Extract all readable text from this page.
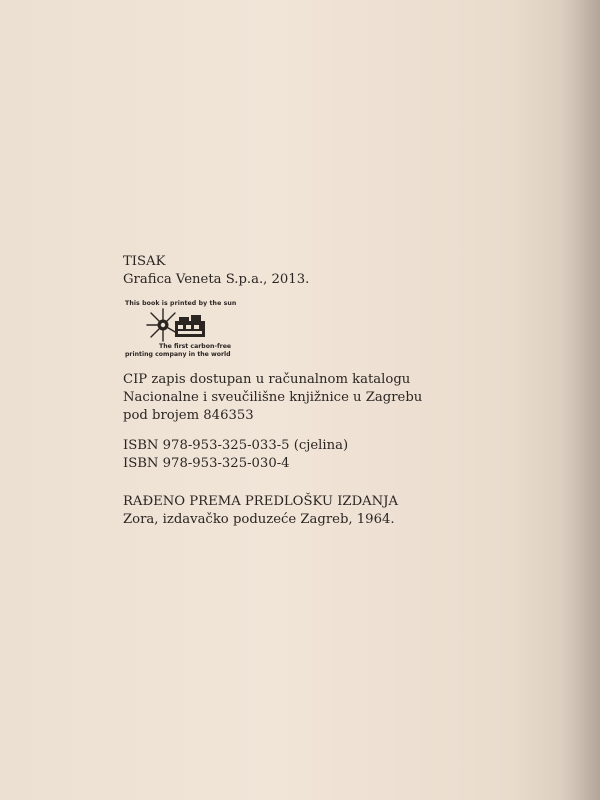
TISAK
Grafica Veneta S.p.a., 2013.
This book is printed by the sun
The first carbon-free
printing company in the world
CIP zapis dostupan u računalnom katalogu
Nacionalne i sveučilišne knjižnice u Zagrebu
pod brojem 846353
ISBN 978-953-325-033-5 (cjelina)
ISBN 978-953-325-030-4
RAĐENO PREMA PREDLOŠKU IZDANJA
Zora, izdavačko poduzeće Zagreb, 1964.
